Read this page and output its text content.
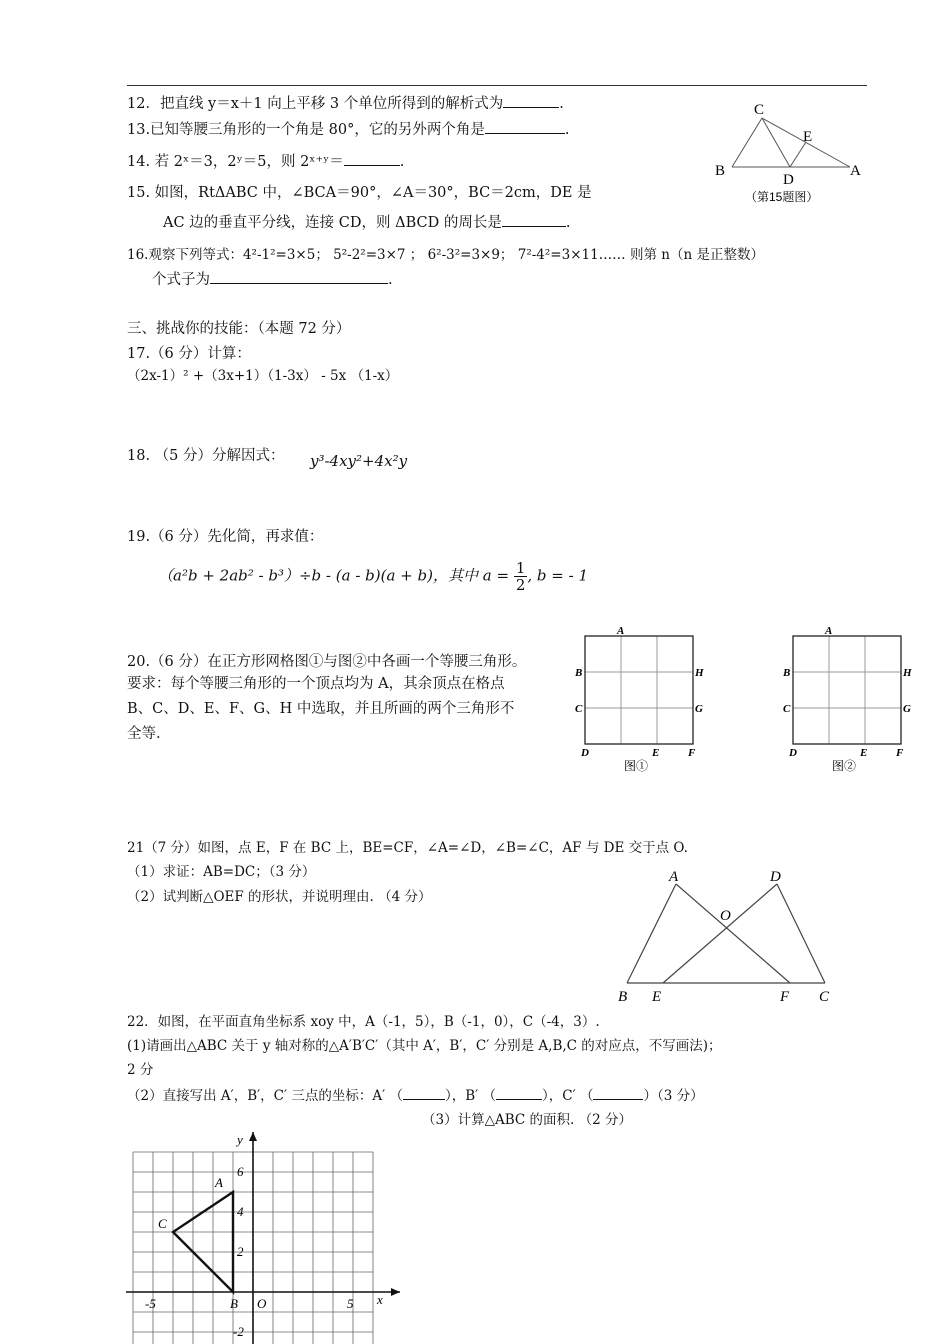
12．把直线 y＝x＋1 向上平移 3 个单位所得到的解析式为	.
13.已知等腰三角形的一个角是 80°，它的另外两个角是	.
14. 若 2ˣ＝3，2ʸ＝5，则 2ˣ⁺ʸ＝	.
15. 如图，RtΔABC 中，∠BCA＝90°，∠A＝30°，BC＝2cm，DE 是
AC 边的垂直平分线，连接 CD，则 ΔBCD 的周长是	.
C
E
B
D
A
（第15题图）
16.观察下列等式：4²-1²=3×5； 5²-2²=3×7 ； 6²-3²=3×9； 7²-4²=3×11…… 则第 n（n 是正整数）
个式子为	.
三、挑战你的技能：（本题 72 分）
17.（6 分）计算：
（2x-1）² +（3x+1）（1-3x） - 5x （1-x）
18. （5 分）分解因式： y³-4xy²+4x²y
19.（6 分）先化简，再求值：
（a²b + 2ab² - b³）÷b - (a - b)(a + b)，其中 $a = \frac{1}{2}$ , b = - 1
20.（6 分）在正方形网格图①与图②中各画一个等腰三角形。
要求：每个等腰三角形的一个顶点均为 A，其余顶点在格点
B、C、D、E、F、G、H 中选取，并且所画的两个三角形不
全等.
A
B
C
D	E	F
H
G
图①
A
B
C
D	E	F
H
G
图②
21（7 分）如图，点 E，F 在 BC 上，BE=CF，∠A=∠D，∠B=∠C，AF 与 DE 交于点 O.
（1）求证：AB=DC；（3 分）
（2）试判断△OEF 的形状，并说明理由. （4 分）
A	D
O
B E	F C
22．如图，在平面直角坐标系 xoy 中，A（-1，5），B（-1，0），C（-4，3）.
(1)请画出△ABC 关于 y 轴对称的△A′B′C′（其中 A′，B′，C′ 分别是 A,B,C 的对应点，不写画法)；
2 分
（2）直接写出 A′，B′，C′ 三点的坐标：A′ （	），B′ （	），C′ （	）（3 分）
（3）计算△ABC 的面积. （2 分）
x
y
O
6
4
2
-2
-5	5
A
B
C
